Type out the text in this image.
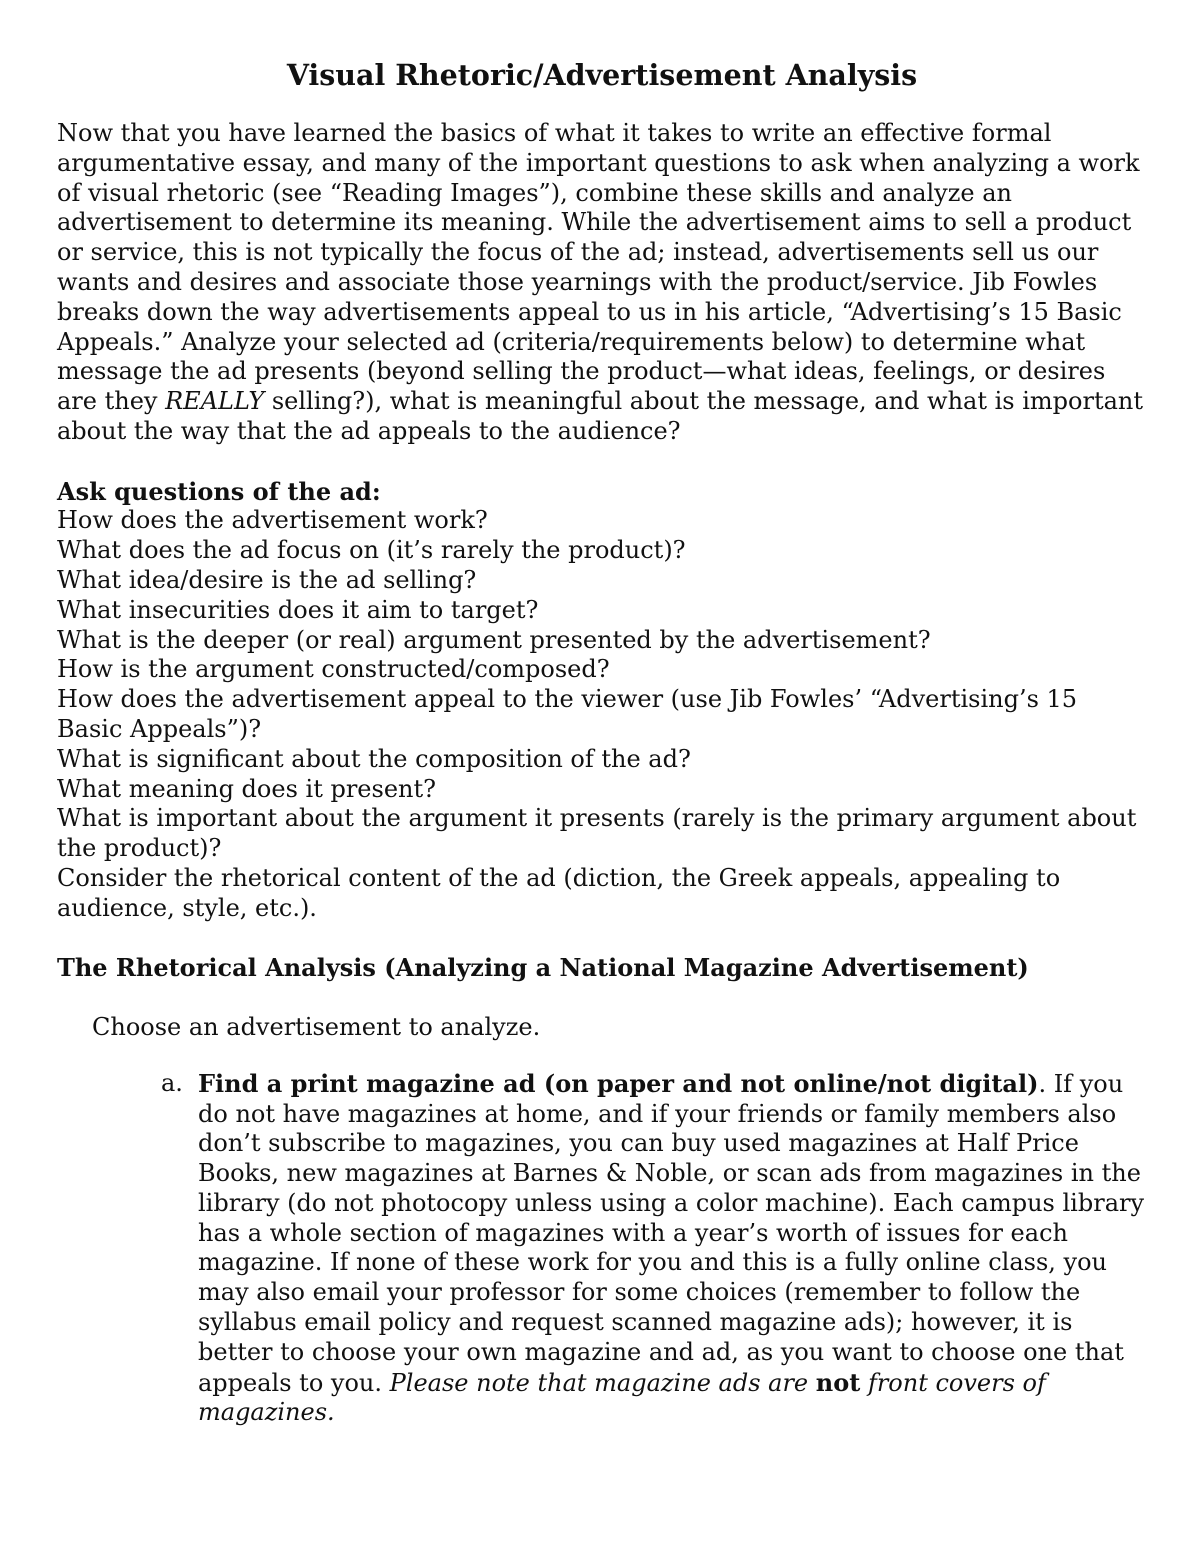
Visual Rhetoric/Advertisement Analysis

Now that you have learned the basics of what it takes to write an effective formal argumentative essay, and many of the important questions to ask when analyzing a work of visual rhetoric (see “Reading Images”), combine these skills and analyze an advertisement to determine its meaning. While the advertisement aims to sell a product or service, this is not typically the focus of the ad; instead, advertisements sell us our wants and desires and associate those yearnings with the product/service. Jib Fowles breaks down the way advertisements appeal to us in his article, “Advertising’s 15 Basic Appeals.” Analyze your selected ad (criteria/requirements below) to determine what message the ad presents (beyond selling the product—what ideas, feelings, or desires are they REALLY selling?), what is meaningful about the message, and what is important about the way that the ad appeals to the audience?

Ask questions of the ad:

How does the advertisement work?
What does the ad focus on (it’s rarely the product)?
What idea/desire is the ad selling?
What insecurities does it aim to target?
What is the deeper (or real) argument presented by the advertisement?
How is the argument constructed/composed?
How does the advertisement appeal to the viewer (use Jib Fowles’ “Advertising’s 15 Basic Appeals”)?
What is significant about the composition of the ad?
What meaning does it present?
What is important about the argument it presents (rarely is the primary argument about the product)?
Consider the rhetorical content of the ad (diction, the Greek appeals, appealing to audience, style, etc.).

The Rhetorical Analysis (Analyzing a National Magazine Advertisement)

Choose an advertisement to analyze.

a. Find a print magazine ad (on paper and not online/not digital). If you do not have magazines at home, and if your friends or family members also don’t subscribe to magazines, you can buy used magazines at Half Price Books, new magazines at Barnes & Noble, or scan ads from magazines in the library (do not photocopy unless using a color machine). Each campus library has a whole section of magazines with a year’s worth of issues for each magazine. If none of these work for you and this is a fully online class, you may also email your professor for some choices (remember to follow the syllabus email policy and request scanned magazine ads); however, it is better to choose your own magazine and ad, as you want to choose one that appeals to you. Please note that magazine ads are not front covers of magazines.
